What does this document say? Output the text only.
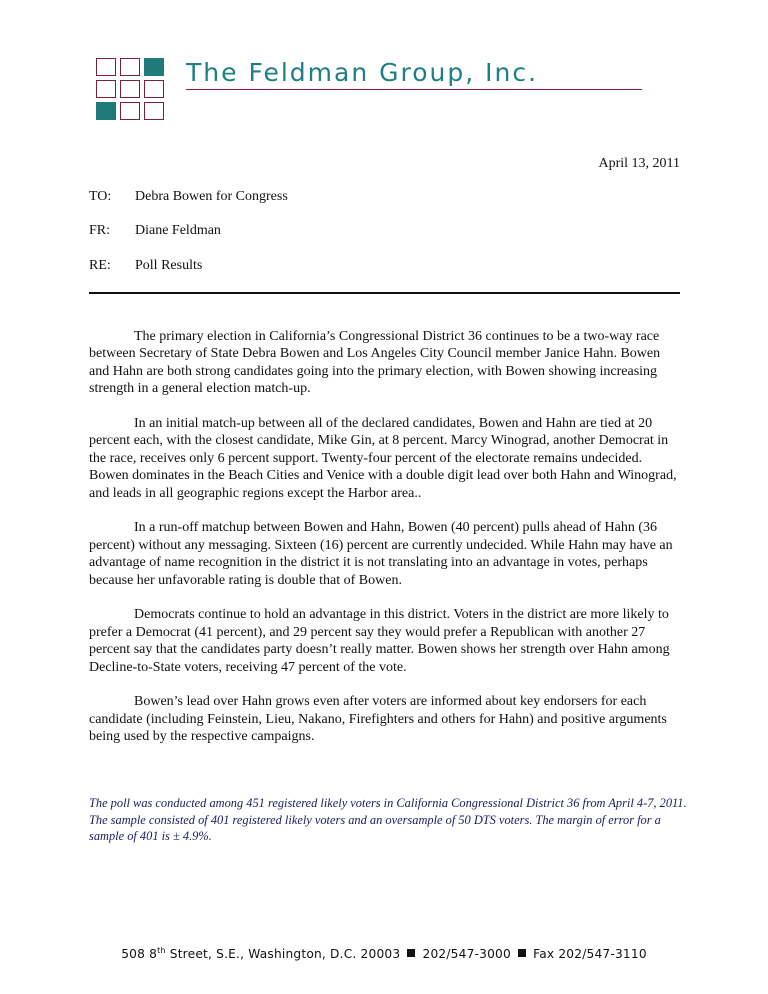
The Feldman Group, Inc.
April 13, 2011
TO: Debra Bowen for Congress
FR: Diane Feldman
RE: Poll Results

The primary election in California’s Congressional District 36 continues to be a two-way race between Secretary of State Debra Bowen and Los Angeles City Council member Janice Hahn. Bowen and Hahn are both strong candidates going into the primary election, with Bowen showing increasing strength in a general election match-up.

In an initial match-up between all of the declared candidates, Bowen and Hahn are tied at 20 percent each, with the closest candidate, Mike Gin, at 8 percent. Marcy Winograd, another Democrat in the race, receives only 6 percent support. Twenty-four percent of the electorate remains undecided. Bowen dominates in the Beach Cities and Venice with a double digit lead over both Hahn and Winograd, and leads in all geographic regions except the Harbor area..

In a run-off matchup between Bowen and Hahn, Bowen (40 percent) pulls ahead of Hahn (36 percent) without any messaging. Sixteen (16) percent are currently undecided. While Hahn may have an advantage of name recognition in the district it is not translating into an advantage in votes, perhaps because her unfavorable rating is double that of Bowen.

Democrats continue to hold an advantage in this district. Voters in the district are more likely to prefer a Democrat (41 percent), and 29 percent say they would prefer a Republican with another 27 percent say that the candidates party doesn’t really matter. Bowen shows her strength over Hahn among Decline-to-State voters, receiving 47 percent of the vote.

Bowen’s lead over Hahn grows even after voters are informed about key endorsers for each candidate (including Feinstein, Lieu, Nakano, Firefighters and others for Hahn) and positive arguments being used by the respective campaigns.

The poll was conducted among 451 registered likely voters in California Congressional District 36 from April 4-7, 2011. The sample consisted of 401 registered likely voters and an oversample of 50 DTS voters. The margin of error for a sample of 401 is ± 4.9%.
508 8th Street, S.E., Washington, D.C. 20003 202/547-3000 Fax 202/547-3110
